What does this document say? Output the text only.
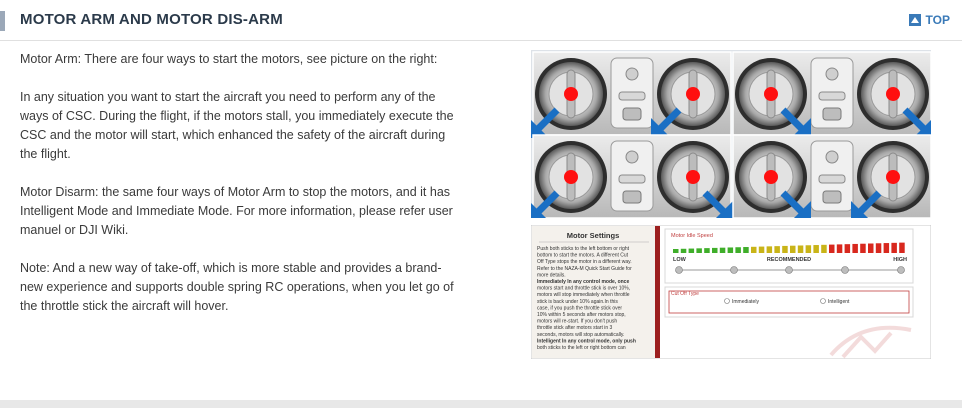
MOTOR ARM AND MOTOR DIS-ARM	TOP

Motor Arm: There are four ways to start the motors, see picture on the right:

In any situation you want to start the aircraft you need to perform any of the ways of CSC. During the flight, if the motors stall, you immediately execute the CSC and the motor will start, which enhanced the safety of the aircraft during the flight.

Motor Disarm: the same four ways of Motor Arm to stop the motors, and it has Intelligent Mode and Immediate Mode. For more information, please refer user manuel or DJI Wiki.

Note: And a new way of take-off, which is more stable and provides a brand-new experience and supports double spring RC operations, when you let go of the throttle stick the aircraft will hover.

Motor Settings
Push both sticks to the left bottom or right
bottom to start the motors. A different Cut
Off Type stops the motor in a different way.
Refer to the NAZA-M Quick Start Guide for
more details.
Immediately In any control mode, once
motors start and throttle stick is over 10%,
motors will stop immediately when throttle
stick is back under 10% again.In this
case, if you push the throttle stick over
10% within 5 seconds after motors stop,
motors will re-start. If you don't push
throttle stick after motors start in 3
seconds, motors will stop automatically.
Intelligent In any control mode, only push
both sticks to the left or right bottom can
Motor Idle Speed
LOW	RECOMMENDED	HIGH
Cut Off Type
Immediately	Intelligent
